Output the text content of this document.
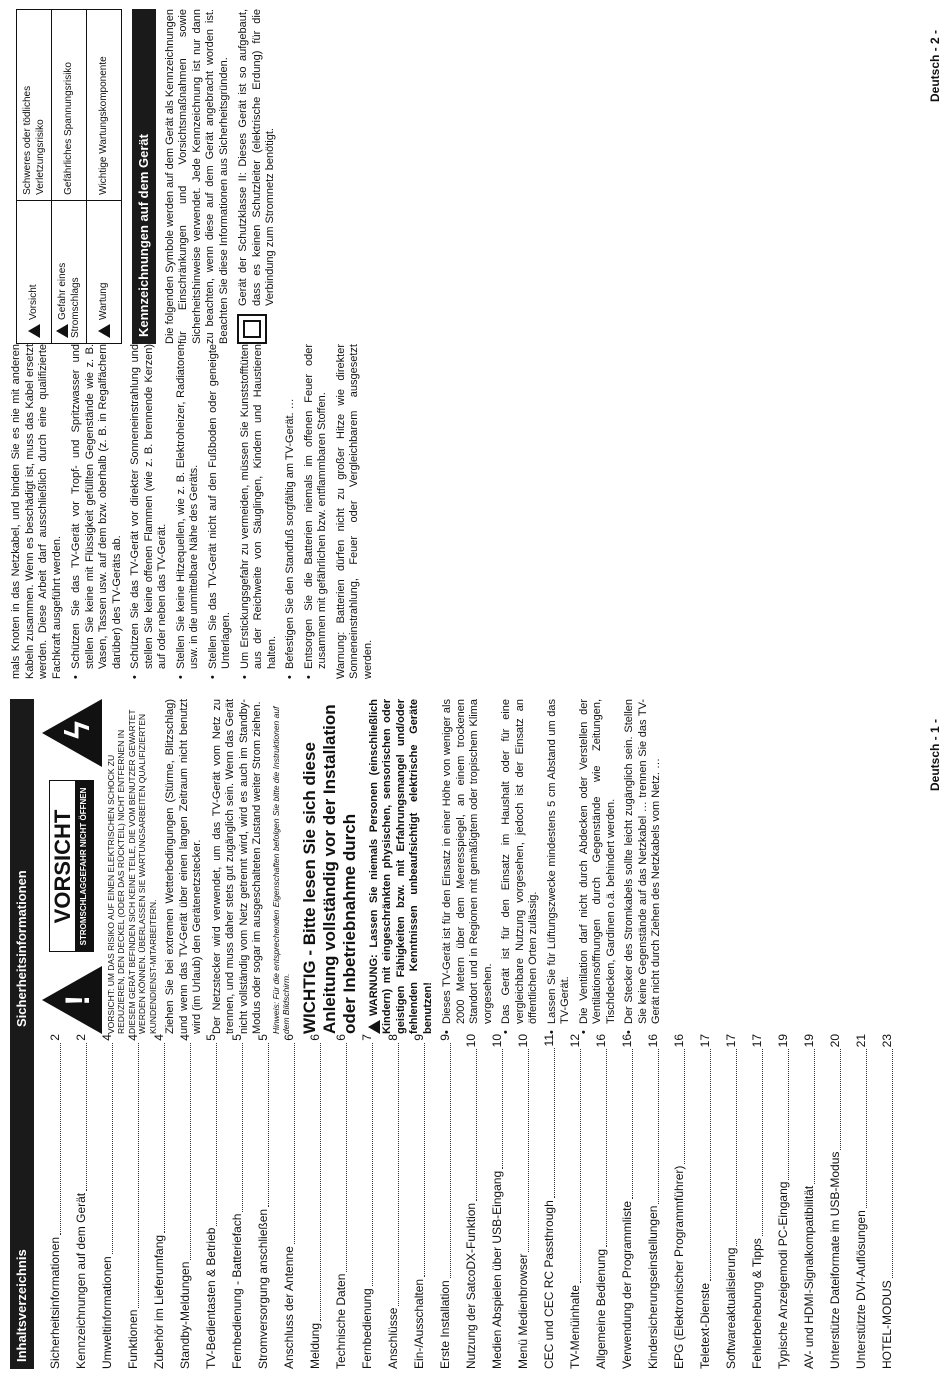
Inhaltsverzeichnis	Sicherheitsinformationen
2
Kennzeichnungen auf dem Gerät
2
Umweltinformationen
4
Funktionen
4
Zubehör im Lieferumfang
4
Standby-Meldungen
4
TV-Bedientasten & Betrieb
5
Fernbedienung - Batteriefach
5
Stromversorgung anschließen
5
Anschluss der Antenne
6
Meldung
6
Technische Daten
6
Fernbedienung
7
Anschlüsse
8
Ein-/Ausschalten
9
Erste Installation
9
Nutzung der SatcoDX-Funktion
10
Medien Abspielen über USB-Eingang
10
Menü Medienbrowser
10
CEC und CEC RC Passthrough
11
TV-Menüinhalte
12
Allgemeine Bedienung
16
Verwendung der Programmliste
16
Kindersicherungseinstellungen
16
EPG (Elektronischer Programmführer)
16
Teletext-Dienste
17
Softwareaktualisierung
17
Fehlerbehebung & Tipps
17
Typische Anzeigemodi PC-Eingang
19
AV- und HDMI-Signalkompatibilität
19
Unterstütze Dateiformate im USB-Modus
20
Unterstützte DVI-Auflösungen
21
HOTEL-MODUS
23
Sicherheitsinformationen !
VORSICHT STROMSCHLAGGEFAHR NICHT ÖFFNEN
ϟ
VORSICHT: UM DAS RISIKO AUF EINEN ELEKTRISCHEN SCHOCK ZU REDUZIEREN, DEN DECKEL (ODER DAS RÜCKTEIL) NICHT ENTFERNEN IN DIESEM GERÄT BEFINDEN SICH KEINE TEILE, DIE VOM BENUTZER GEWARTET WERDEN KÖNNEN. ÜBERLASSEN SIE WARTUNGSARBEITEN QUALIFIZIERTEN KUNDENDIENST-MITARBEITERN. Ziehen Sie bei extremen Wetterbedingungen (Stürme, Blitzschlag) und wenn das TV-Gerät über einen langen Zeitraum nicht benutzt wird (im Urlaub) den Gerätenetzstecker. Der Netzstecker wird verwendet, um das TV-Gerät vom Netz zu trennen, und muss daher stets gut zugänglich sein. Wenn das Gerät nicht vollständig vom Netz getrennt wird, wird es auch im Standby-Modus oder sogar im ausgeschalteten Zustand weiter Strom ziehen. Hinweis: Für die entsprechenden Eigenschaften befolgen Sie bitte die Instruktionen auf dem Bildschirm. WICHTIG - Bitte lesen Sie sich diese Anleitung vollständig vor der Installation oder Inbetriebnahme durch WARNUNG: Lassen Sie niemals Personen (einschließlich Kindern) mit eingeschränkten physischen, sensorischen oder geistigen Fähigkeiten bzw. mit Erfahrungsmangel und/oder fehlenden Kenntnissen unbeaufsichtigt elektrische Geräte benutzen! • Dieses TV-Gerät ist für den Einsatz in einer Höhe von weniger als 2000 Metern über dem Meeresspiegel, an einem trockenen Standort und in Regionen mit gemäßigtem oder tropischem Klima vorgesehen. • Das Gerät ist für den Einsatz im Haushalt oder für eine vergleichbare Nutzung vorgesehen, jedoch ist der Einsatz an öffentlichen Orten zulässig. • Lassen Sie für Lüftungszwecke mindestens 5 cm Abstand um das TV-Gerät. • Die Ventilation darf nicht durch Abdecken oder Verstellen der Ventilationsöffnungen durch Gegenstände wie Zeitungen, Tischdecken, Gardinen o.ä. behindert werden. • Der Stecker des Stromkabels sollte leicht zugänglich sein. Stellen Sie keine Gegenstände auf das Netzkabel … trennen Sie das TV-Gerät nicht durch Ziehen des Netzkabels vom Netz. …
Deutsch - 1 -

mals Knoten in das Netzkabel, und binden Sie es nie mit anderen Kabeln zusammen. Wenn es beschädigt ist, muss das Kabel ersetzt werden. Diese Arbeit darf ausschließlich durch eine qualifizierte Fachkraft ausgeführt werden. • Schützen Sie das TV-Gerät vor Tropf- und Spritzwasser und stellen Sie keine mit Flüssigkeit gefüllten Gegenstände wie z. B. Vasen, Tassen usw. auf dem bzw. oberhalb (z. B. in Regalfächern darüber) des TV-Geräts ab. • Schützen Sie das TV-Gerät vor direkter Sonneneinstrahlung und stellen Sie keine offenen Flammen (wie z. B. brennende Kerzen) auf oder neben das TV-Gerät. • Stellen Sie keine Hitzequellen, wie z. B. Elektroheizer, Radiatoren usw. in die unmittelbare Nähe des Geräts. • Stellen Sie das TV-Gerät nicht auf den Fußboden oder geneigte Unterlagen. • Um Erstickungsgefahr zu vermeiden, müssen Sie Kunststofftüten aus der Reichweite von Säuglingen, Kindern und Haustieren halten. • Befestigen Sie den Standfuß sorgfältig am TV-Gerät. … • Entsorgen Sie die Batterien niemals im offenen Feuer oder zusammen mit gefährlichen bzw. entflammbaren Stoffen. Warnung: Batterien dürfen nicht zu großer Hitze wie direkter Sonneneinstrahlung, Feuer oder Vergleichbarem ausgesetzt werden.

Vorsicht	Schweres oder tödliches Verletzungsrisiko
Gefahr eines Stromschlags	Gefährliches Spannungsrisiko
Wartung	Wichtige Wartungskomponente
Kennzeichnungen auf dem Gerät	Die folgenden Symbole werden auf dem Gerät als Kennzeichnungen für Einschränkungen und Vorsichtsmaßnahmen sowie Sicherheitshinweise verwendet. Jede Kennzeichnung ist nur dann zu beachten, wenn diese auf dem Gerät angebracht worden ist. Beachten Sie diese Informationen aus Sicherheitsgründen. Gerät der Schutzklasse II: Dieses Gerät ist so aufgebaut, dass es keinen Schutzleiter (elektrische Erdung) für die Verbindung zum Stromnetz benötigt.

Deutsch - 2 -
